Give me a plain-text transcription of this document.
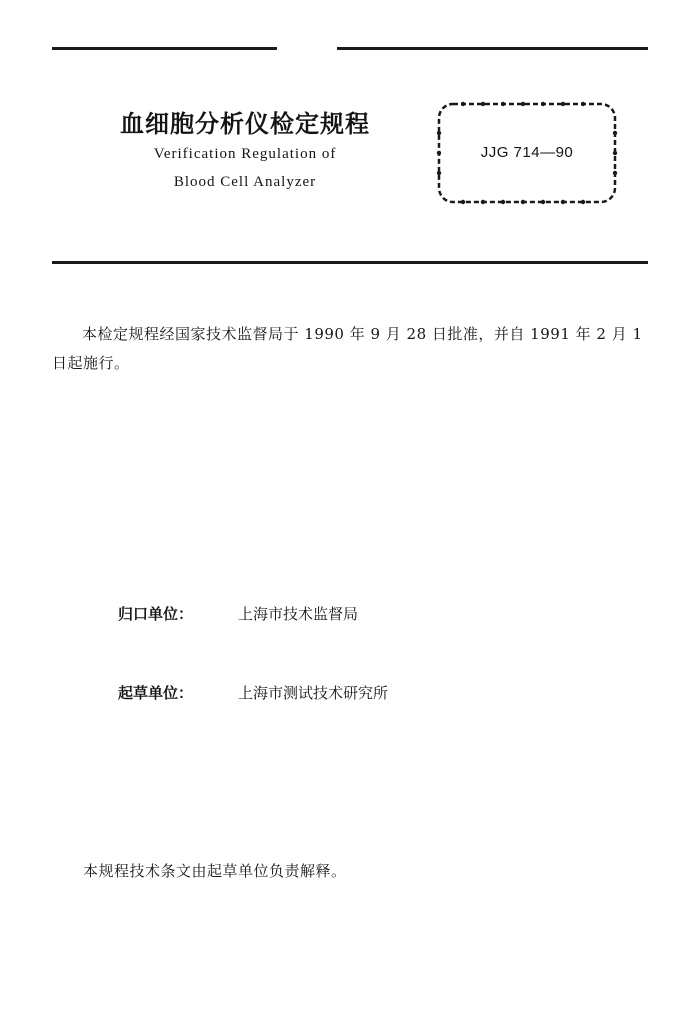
血细胞分析仪检定规程

Verification Regulation of
Blood Cell Analyzer
JJG 714—90

本检定规程经国家技术监督局于 1990 年 9 月 28 日批准，并自 1991 年 2 月 1 日起施行。

归口单位：	上海市技术监督局
起草单位：	上海市测试技术研究所
本规程技术条文由起草单位负责解释。
